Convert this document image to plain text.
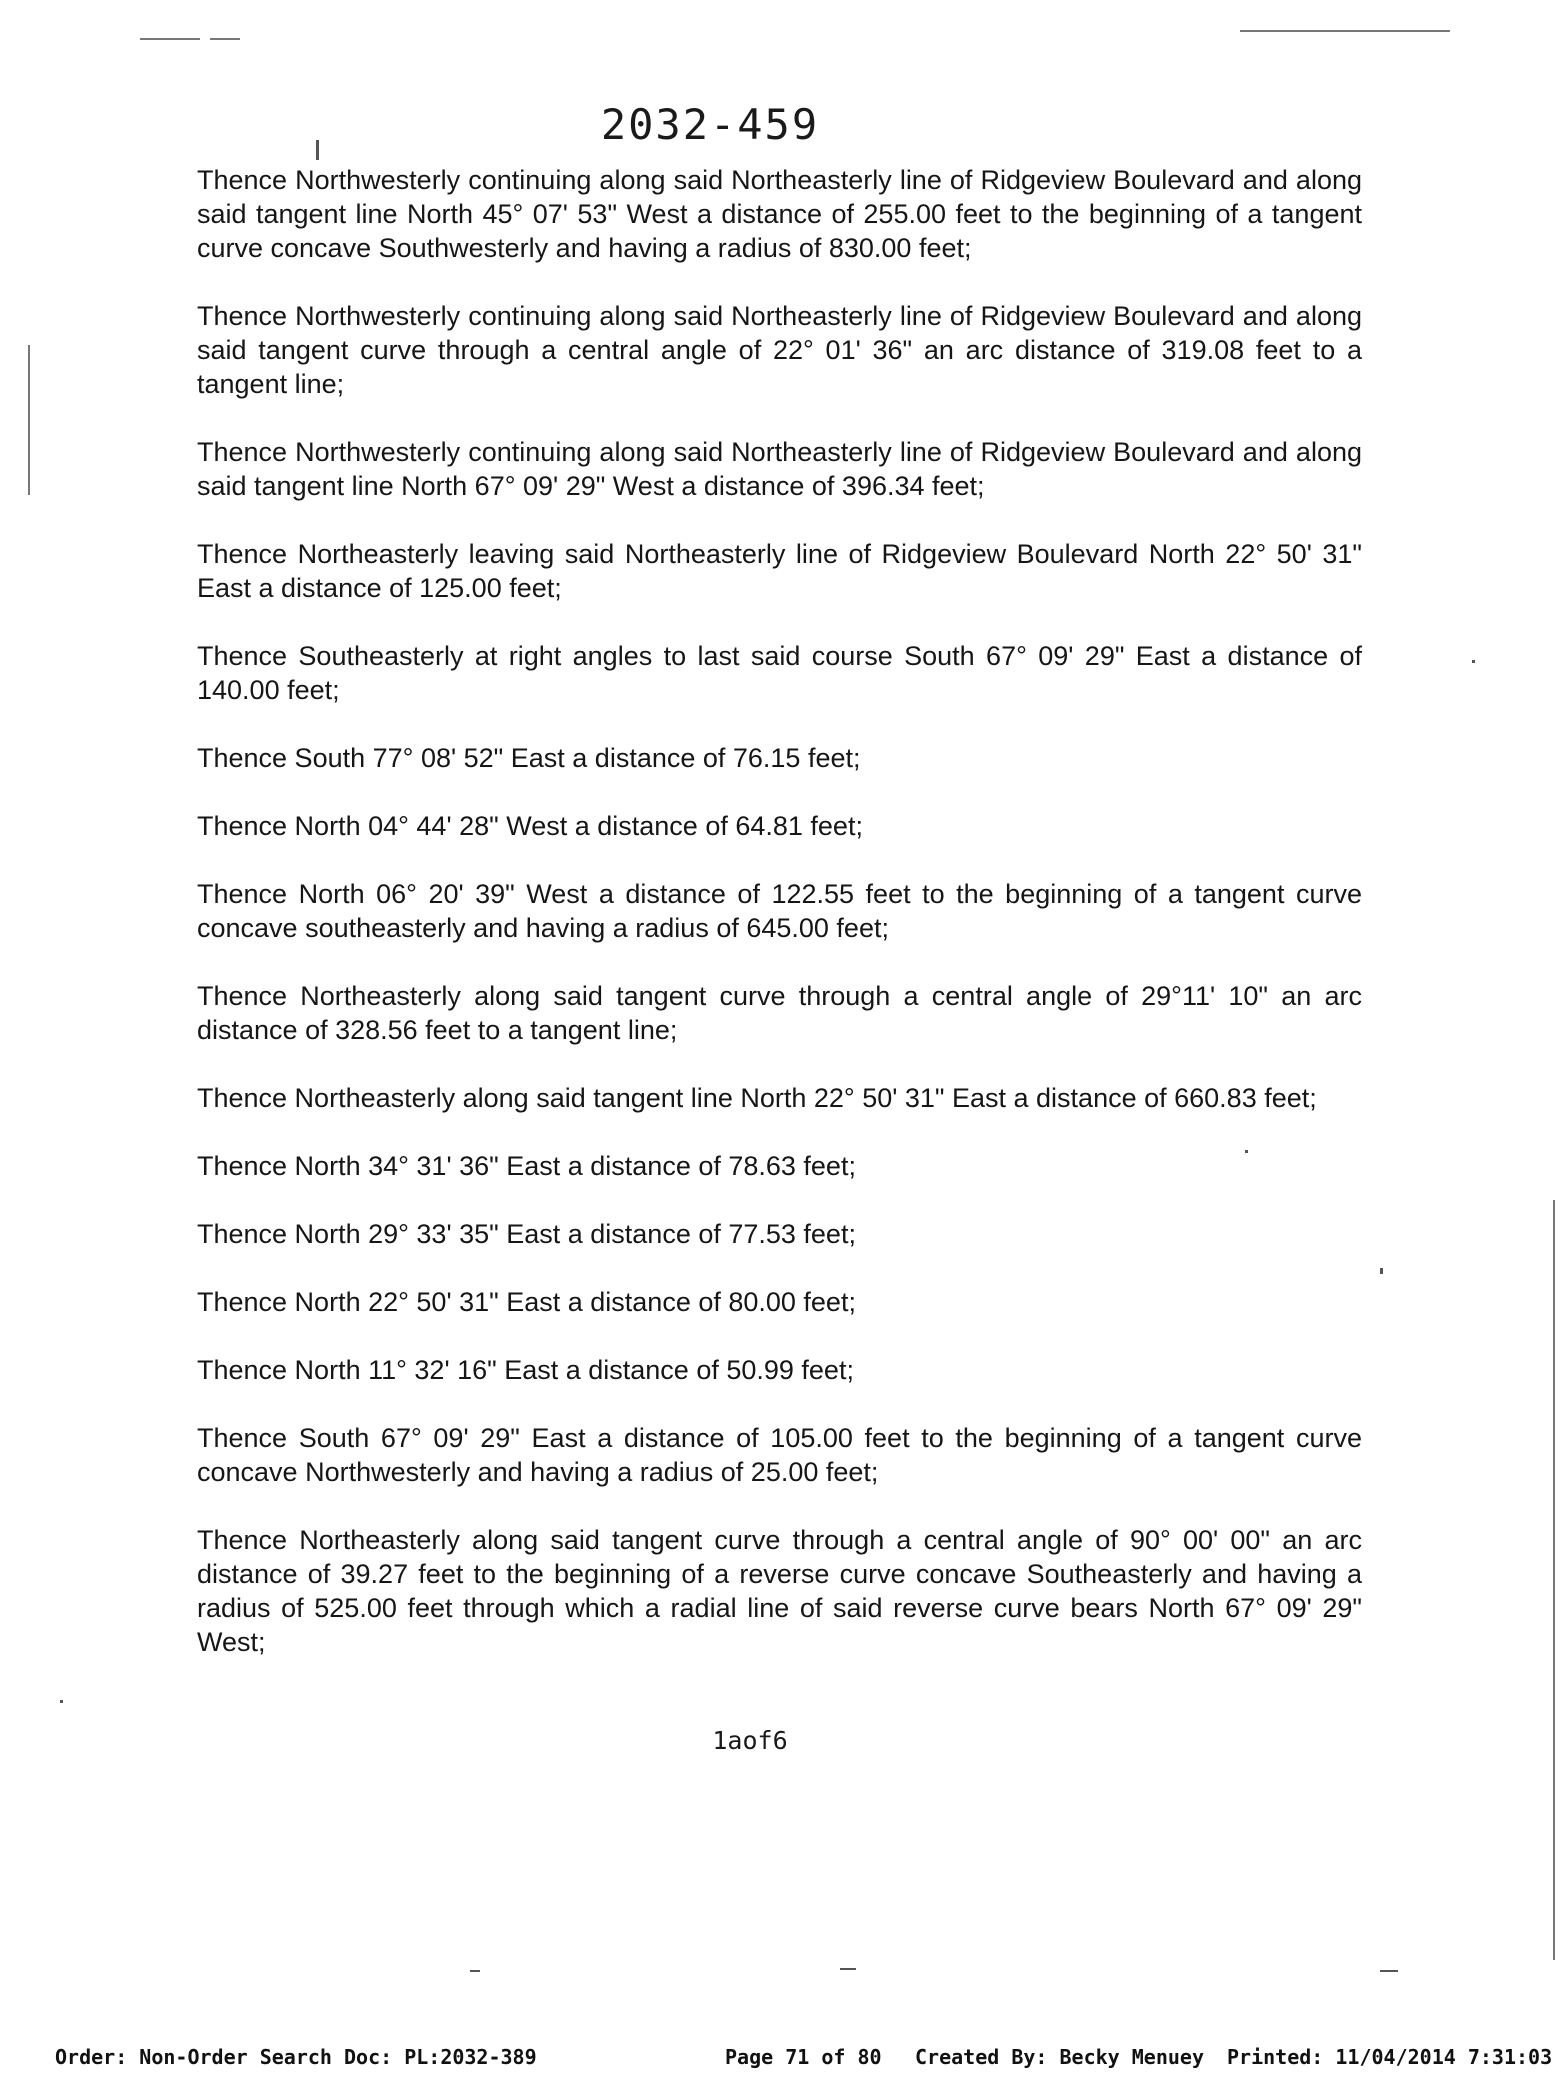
2032-459

Thence Northwesterly continuing along said Northeasterly line of Ridgeview Boulevard and along said tangent line North 45° 07' 53" West a distance of 255.00 feet to the beginning of a tangent curve concave Southwesterly and having a radius of 830.00 feet;

Thence Northwesterly continuing along said Northeasterly line of Ridgeview Boulevard and along said tangent curve through a central angle of 22° 01' 36" an arc distance of 319.08 feet to a tangent line;

Thence Northwesterly continuing along said Northeasterly line of Ridgeview Boulevard and along said tangent line North 67° 09' 29" West a distance of 396.34 feet;

Thence Northeasterly leaving said Northeasterly line of Ridgeview Boulevard North 22° 50' 31" East a distance of 125.00 feet;

Thence Southeasterly at right angles to last said course South 67° 09' 29" East a distance of 140.00 feet;

Thence South 77° 08' 52" East a distance of 76.15 feet;

Thence North 04° 44' 28" West a distance of 64.81 feet;

Thence North 06° 20' 39" West a distance of 122.55 feet to the beginning of a tangent curve concave southeasterly and having a radius of 645.00 feet;

Thence Northeasterly along said tangent curve through a central angle of 29°11' 10" an arc distance of 328.56 feet to a tangent line;

Thence Northeasterly along said tangent line North 22° 50' 31" East a distance of 660.83 feet;

Thence North 34° 31' 36" East a distance of 78.63 feet;

Thence North 29° 33' 35" East a distance of 77.53 feet;

Thence North 22° 50' 31" East a distance of 80.00 feet;

Thence North 11° 32' 16" East a distance of 50.99 feet;

Thence South 67° 09' 29" East a distance of 105.00 feet to the beginning of a tangent curve concave Northwesterly and having a radius of 25.00 feet;

Thence Northeasterly along said tangent curve through a central angle of 90° 00' 00" an arc distance of 39.27 feet to the beginning of a reverse curve concave Southeasterly and having a radius of 525.00 feet through which a radial line of said reverse curve bears North 67° 09' 29" West;

1aof6
Order: Non-Order Search Doc: PL:2032-389	Page 71 of 80 Created By: Becky Menuey Printed: 11/04/2014 7:31:03
